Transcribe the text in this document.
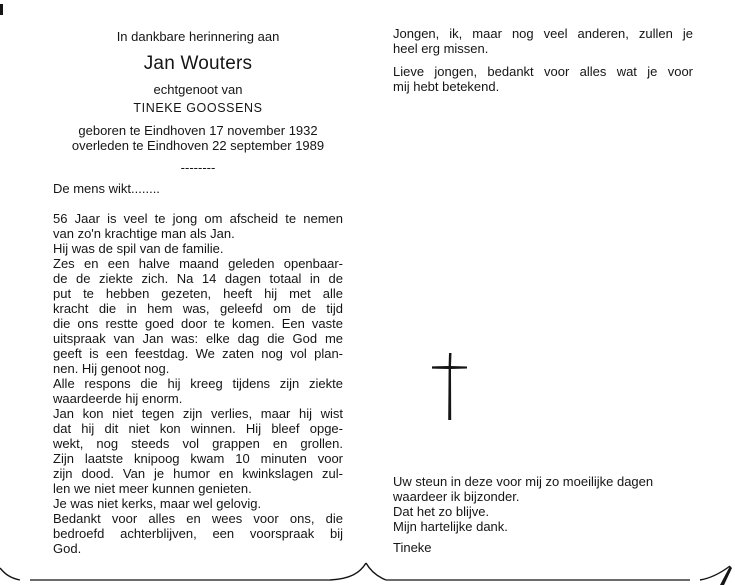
In dankbare herinnering aan
Jan Wouters
echtgenoot van
TINEKE GOOSSENS
geboren te Eindhoven 17 november 1932
overleden te Eindhoven 22 september 1989
--------
De mens wikt........
56 Jaar is veel te jong om afscheid te nemen
van zo'n krachtige man als Jan.
Hij was de spil van de familie.
Zes en een halve maand geleden openbaar-
de de ziekte zich. Na 14 dagen totaal in de
put te hebben gezeten, heeft hij met alle
kracht die in hem was, geleefd om de tijd
die ons restte goed door te komen. Een vaste
uitspraak van Jan was: elke dag die God me
geeft is een feestdag. We zaten nog vol plan-
nen. Hij genoot nog.
Alle respons die hij kreeg tijdens zijn ziekte
waardeerde hij enorm.
Jan kon niet tegen zijn verlies, maar hij wist
dat hij dit niet kon winnen. Hij bleef opge-
wekt, nog steeds vol grappen en grollen.
Zijn laatste knipoog kwam 10 minuten voor
zijn dood. Van je humor en kwinkslagen zul-
len we niet meer kunnen genieten.
Je was niet kerks, maar wel gelovig.
Bedankt voor alles en wees voor ons, die
bedroefd achterblijven, een voorspraak bij
God.
Jongen, ik, maar nog veel anderen, zullen je
heel erg missen.
Lieve jongen, bedankt voor alles wat je voor
mij hebt betekend.
Uw steun in deze voor mij zo moeilijke dagen
waardeer ik bijzonder.
Dat het zo blijve.
Mijn hartelijke dank.
Tineke
